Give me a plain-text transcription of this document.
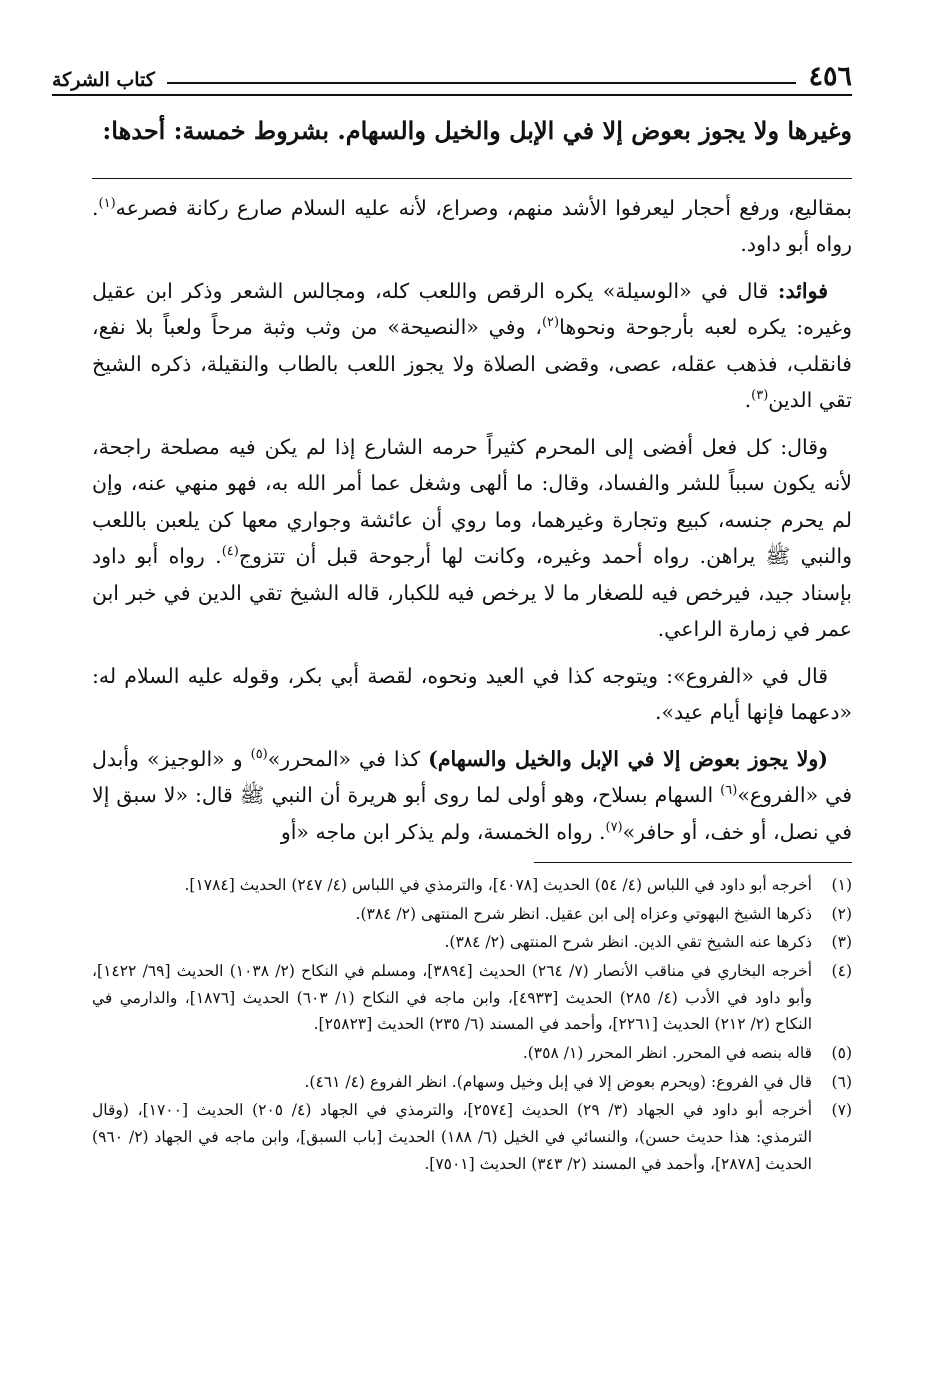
٤٥٦
كتاب الشركة
وغيرها ولا يجوز بعوض إلا في الإبل والخيل والسهام. بشروط خمسة: أحدها:

بمقاليع، ورفع أحجار ليعرفوا الأشد منهم، وصراع، لأنه عليه السلام صارع ركانة فصرعه$^{(١)}$. رواه أبو داود.

فوائد: قال في «الوسيلة» يكره الرقص واللعب كله، ومجالس الشعر وذكر ابن عقيل وغيره: يكره لعبه بأرجوحة ونحوها$^{(٢)}$، وفي «النصيحة» من وثب وثبة مرحاً ولعباً بلا نفع، فانقلب، فذهب عقله، عصى، وقضى الصلاة ولا يجوز اللعب بالطاب والنقيلة، ذكره الشيخ تقي الدين$^{(٣)}$.

وقال: كل فعل أفضى إلى المحرم كثيراً حرمه الشارع إذا لم يكن فيه مصلحة راجحة، لأنه يكون سبباً للشر والفساد، وقال: ما ألهى وشغل عما أمر الله به، فهو منهي عنه، وإن لم يحرم جنسه، كبيع وتجارة وغيرهما، وما روي أن عائشة وجواري معها كن يلعبن باللعب والنبي ﷺ يراهن. رواه أحمد وغيره، وكانت لها أرجوحة قبل أن تتزوج$^{(٤)}$. رواه أبو داود بإسناد جيد، فيرخص فيه للصغار ما لا يرخص فيه للكبار، قاله الشيخ تقي الدين في خبر ابن عمر في زمارة الراعي.

قال في «الفروع»: ويتوجه كذا في العيد ونحوه، لقصة أبي بكر، وقوله عليه السلام له: «دعهما فإنها أيام عيد».

(ولا يجوز بعوض إلا في الإبل والخيل والسهام) كذا في «المحرر»$^{(٥)}$ و «الوجيز» وأبدل في «الفروع»$^{(٦)}$ السهام بسلاح، وهو أولى لما روى أبو هريرة أن النبي ﷺ قال: «لا سبق إلا في نصل، أو خف، أو حافر»$^{(٧)}$. رواه الخمسة، ولم يذكر ابن ماجه «أو

(١)
أخرجه أبو داود في اللباس (٤/ ٥٤) الحديث [٤٠٧٨]، والترمذي في اللباس (٤/ ٢٤٧) الحديث [١٧٨٤].
(٢)
ذكرها الشيخ البهوتي وعزاه إلى ابن عقيل. انظر شرح المنتهى (٢/ ٣٨٤).
(٣)
ذكرها عنه الشيخ تقي الدين. انظر شرح المنتهى (٢/ ٣٨٤).
(٤)
أخرجه البخاري في مناقب الأنصار (٧/ ٢٦٤) الحديث [٣٨٩٤]، ومسلم في النكاح (٢/ ١٠٣٨) الحديث [٦٩/ ١٤٢٢]، وأبو داود في الأدب (٤/ ٢٨٥) الحديث [٤٩٣٣]، وابن ماجه في النكاح (١/ ٦٠٣) الحديث [١٨٧٦]، والدارمي في النكاح (٢/ ٢١٢) الحديث [٢٢٦١]، وأحمد في المسند (٦/ ٢٣٥) الحديث [٢٥٨٢٣].
(٥)
قاله بنصه في المحرر. انظر المحرر (١/ ٣٥٨).
(٦)
قال في الفروع: (ويحرم بعوض إلا في إبل وخيل وسهام). انظر الفروع (٤/ ٤٦١).
(٧)
أخرجه أبو داود في الجهاد (٣/ ٢٩) الحديث [٢٥٧٤]، والترمذي في الجهاد (٤/ ٢٠٥) الحديث [١٧٠٠]، (وقال الترمذي: هذا حديث حسن)، والنسائي في الخيل (٦/ ١٨٨) الحديث [باب السبق]، وابن ماجه في الجهاد (٢/ ٩٦٠) الحديث [٢٨٧٨]، وأحمد في المسند (٢/ ٣٤٣) الحديث [٧٥٠١].
